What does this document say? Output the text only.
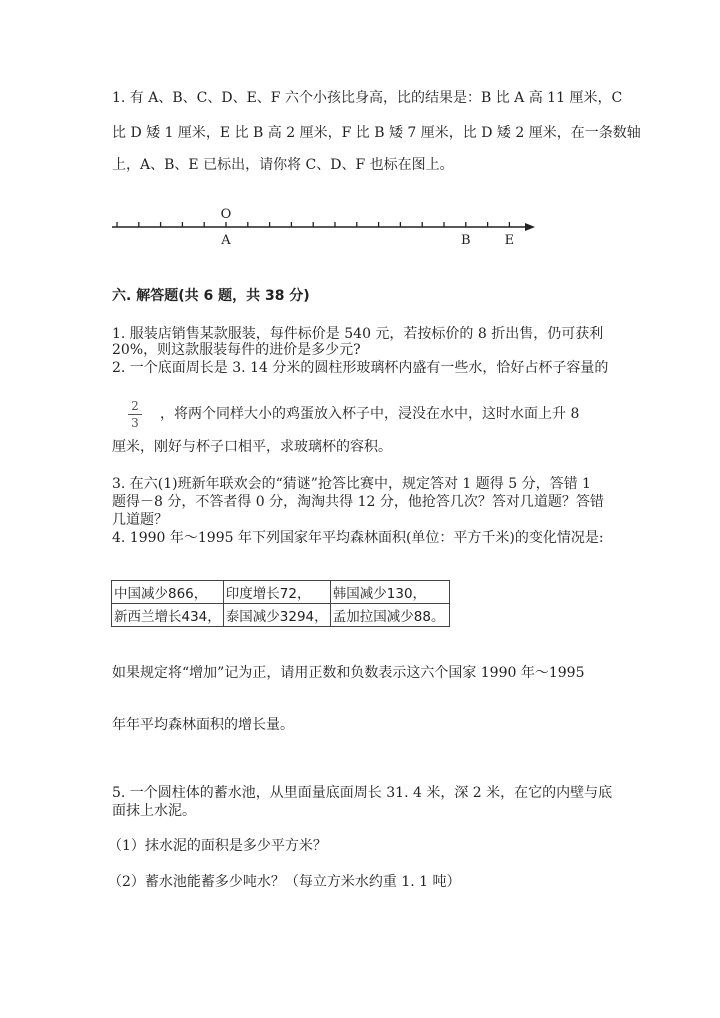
1. 有 A、B、C、D、E、F 六个小孩比身高，比的结果是：B 比 A 高 11 厘米，C
比 D 矮 1 厘米，E 比 B 高 2 厘米，F 比 B 矮 7 厘米，比 D 矮 2 厘米，在一条数轴
上，A、B、E 已标出，请你将 C、D、F 也标在图上。
O
A	B	E
六. 解答题(共 6 题，共 38 分)
1. 服装店销售某款服装，每件标价是 540 元，若按标价的 8 折出售，仍可获利
20%，则这款服装每件的进价是多少元?
2. 一个底面周长是 3. 14 分米的圆柱形玻璃杯内盛有一些水，恰好占杯子容量的
2
3
，将两个同样大小的鸡蛋放入杯子中，浸没在水中，这时水面上升 8
厘米，刚好与杯子口相平，求玻璃杯的容积。
3. 在六(1)班新年联欢会的“猜谜”抢答比赛中，规定答对 1 题得 5 分，答错 1
题得－8 分，不答者得 0 分，淘淘共得 12 分，他抢答几次？答对几道题？答错
几道题？
4. 1990 年～1995 年下列国家年平均森林面积(单位：平方千米)的变化情况是:
中国减少866，	印度增长72，	韩国减少130，
新西兰增长434，	泰国减少3294，	孟加拉国减少88。
如果规定将“增加”记为正，请用正数和负数表示这六个国家 1990 年～1995
年年平均森林面积的增长量。
5. 一个圆柱体的蓄水池，从里面量底面周长 31. 4 米，深 2 米，在它的内壁与底
面抹上水泥。
（1）抹水泥的面积是多少平方米？
（2）蓄水池能蓄多少吨水？（每立方米水约重 1. 1 吨）
